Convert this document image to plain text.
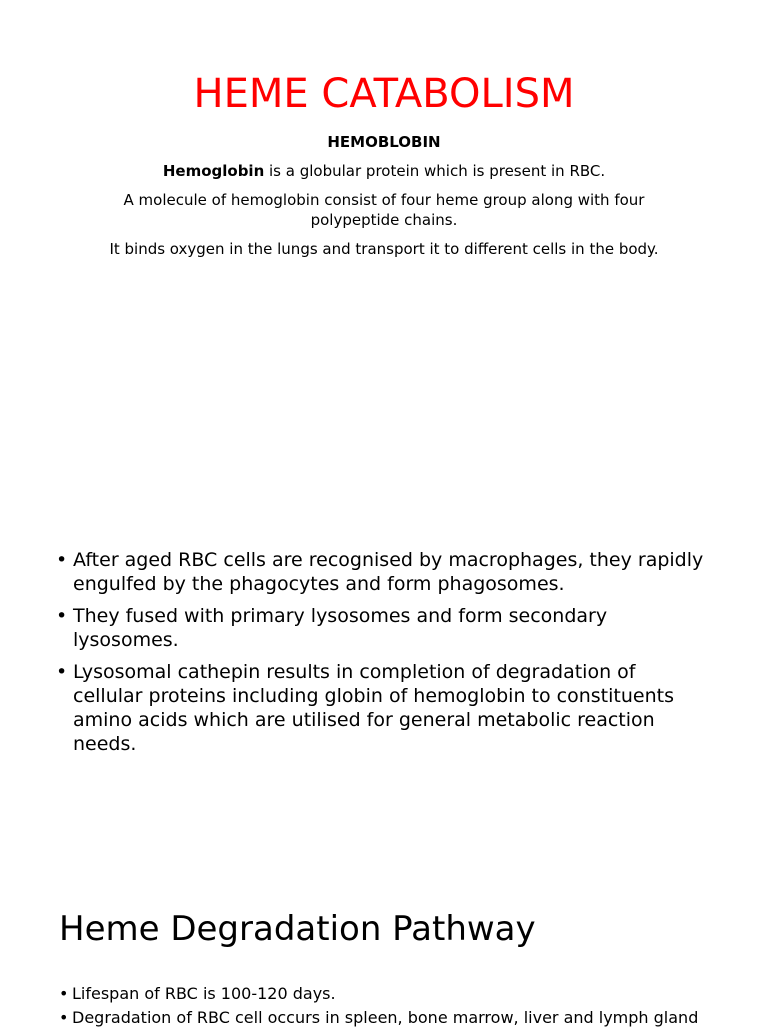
HEME CATABOLISM

HEMOBLOBIN

Hemoglobin is a globular protein which is present in RBC.

A molecule of hemoglobin consist of four heme group along with four polypeptide chains.

It binds oxygen in the lungs and transport it to different cells in the body.

• After aged RBC cells are recognised by macrophages, they rapidly engulfed by the phagocytes and form phagosomes.
• They fused with primary lysosomes and form secondary lysosomes.
• Lysosomal cathepin results in completion of degradation of cellular proteins including globin of hemoglobin to constituents amino acids which are utilised for general metabolic reaction needs.
Heme Degradation Pathway
• Lifespan of RBC is 100-120 days.
• Degradation of RBC cell occurs in spleen, bone marrow, liver and lymph gland
